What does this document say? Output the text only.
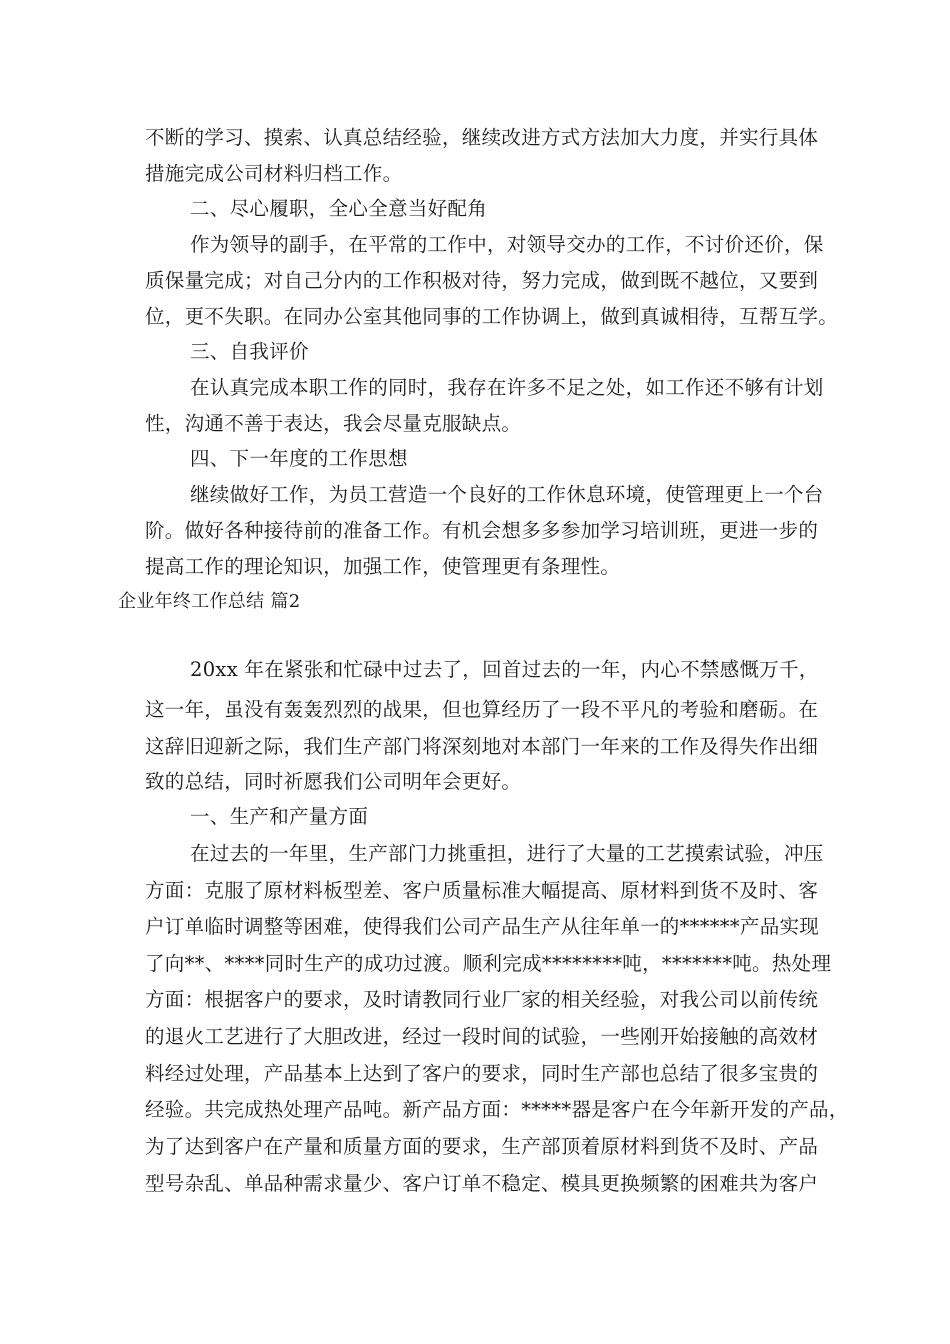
不断的学习、摸索、认真总结经验，继续改进方式方法加大力度，并实行具体
措施完成公司材料归档工作。
二、尽心履职，全心全意当好配角
作为领导的副手，在平常的工作中，对领导交办的工作，不讨价还价，保
质保量完成；对自己分内的工作积极对待，努力完成，做到既不越位，又要到
位，更不失职。在同办公室其他同事的工作协调上，做到真诚相待，互帮互学。
三、自我评价
在认真完成本职工作的同时，我存在许多不足之处，如工作还不够有计划
性，沟通不善于表达，我会尽量克服缺点。
四、下一年度的工作思想
继续做好工作，为员工营造一个良好的工作休息环境，使管理更上一个台
阶。做好各种接待前的准备工作。有机会想多多参加学习培训班，更进一步的
提高工作的理论知识，加强工作，使管理更有条理性。
企业年终工作总结 篇2
20xx 年在紧张和忙碌中过去了，回首过去的一年，内心不禁感慨万千，
这一年，虽没有轰轰烈烈的战果，但也算经历了一段不平凡的考验和磨砺。在
这辞旧迎新之际，我们生产部门将深刻地对本部门一年来的工作及得失作出细
致的总结，同时祈愿我们公司明年会更好。
一、生产和产量方面
在过去的一年里，生产部门力挑重担，进行了大量的工艺摸索试验，冲压
方面：克服了原材料板型差、客户质量标准大幅提高、原材料到货不及时、客
户订单临时调整等困难，使得我们公司产品生产从往年单一的******产品实现
了向**、****同时生产的成功过渡。顺利完成********吨，*******吨。热处理
方面：根据客户的要求，及时请教同行业厂家的相关经验，对我公司以前传统
的退火工艺进行了大胆改进，经过一段时间的试验，一些刚开始接触的高效材
料经过处理，产品基本上达到了客户的要求，同时生产部也总结了很多宝贵的
经验。共完成热处理产品吨。新产品方面：*****器是客户在今年新开发的产品，
为了达到客户在产量和质量方面的要求，生产部顶着原材料到货不及时、产品
型号杂乱、单品种需求量少、客户订单不稳定、模具更换频繁的困难共为客户
